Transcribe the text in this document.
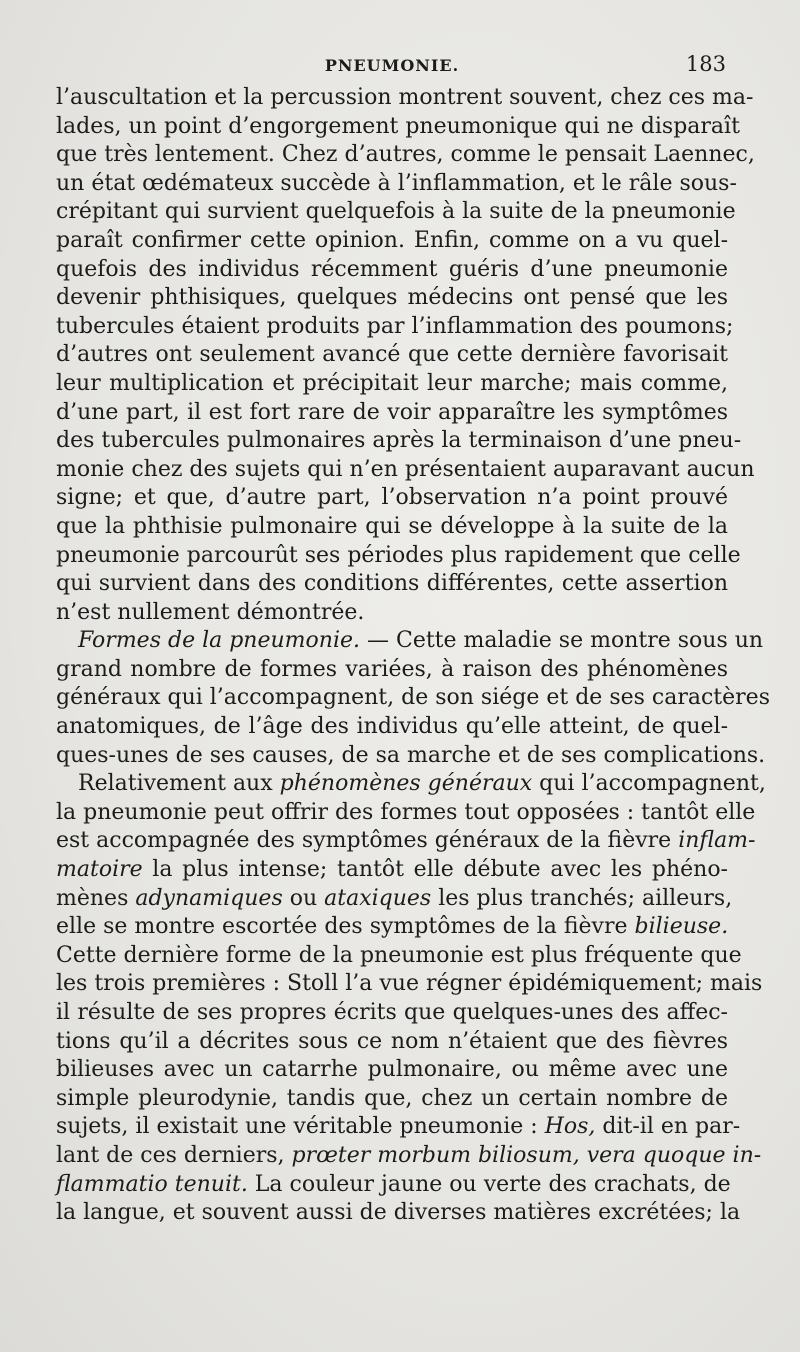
PNEUMONIE.	183

l’auscultation et la percussion montrent souvent, chez ces ma-
lades, un point d’engorgement pneumonique qui ne disparaît
que très lentement. Chez d’autres, comme le pensait Laennec,
un état œdémateux succède à l’inflammation, et le râle sous-
crépitant qui survient quelquefois à la suite de la pneumonie
paraît confirmer cette opinion. Enfin, comme on a vu quel-
quefois des individus récemment guéris d’une pneumonie
devenir phthisiques, quelques médecins ont pensé que les
tubercules étaient produits par l’inflammation des poumons;
d’autres ont seulement avancé que cette dernière favorisait
leur multiplication et précipitait leur marche; mais comme,
d’une part, il est fort rare de voir apparaître les symptômes
des tubercules pulmonaires après la terminaison d’une pneu-
monie chez des sujets qui n’en présentaient auparavant aucun
signe; et que, d’autre part, l’observation n’a point prouvé
que la phthisie pulmonaire qui se développe à la suite de la
pneumonie parcourût ses périodes plus rapidement que celle
qui survient dans des conditions différentes, cette assertion
n’est nullement démontrée.

Formes de la pneumonie. — Cette maladie se montre sous un
grand nombre de formes variées, à raison des phénomènes
généraux qui l’accompagnent, de son siége et de ses caractères
anatomiques, de l’âge des individus qu’elle atteint, de quel-
ques-unes de ses causes, de sa marche et de ses complications.

Relativement aux phénomènes généraux qui l’accompagnent,
la pneumonie peut offrir des formes tout opposées : tantôt elle
est accompagnée des symptômes généraux de la fièvre inflam-
matoire la plus intense; tantôt elle débute avec les phéno-
mènes adynamiques ou ataxiques les plus tranchés; ailleurs,
elle se montre escortée des symptômes de la fièvre bilieuse.
Cette dernière forme de la pneumonie est plus fréquente que
les trois premières : Stoll l’a vue régner épidémiquement; mais
il résulte de ses propres écrits que quelques-unes des affec-
tions qu’il a décrites sous ce nom n’étaient que des fièvres
bilieuses avec un catarrhe pulmonaire, ou même avec une
simple pleurodynie, tandis que, chez un certain nombre de
sujets, il existait une véritable pneumonie : Hos, dit-il en par-
lant de ces derniers, prœter morbum biliosum, vera quoque in-
flammatio tenuit. La couleur jaune ou verte des crachats, de
la langue, et souvent aussi de diverses matières excrétées; la
